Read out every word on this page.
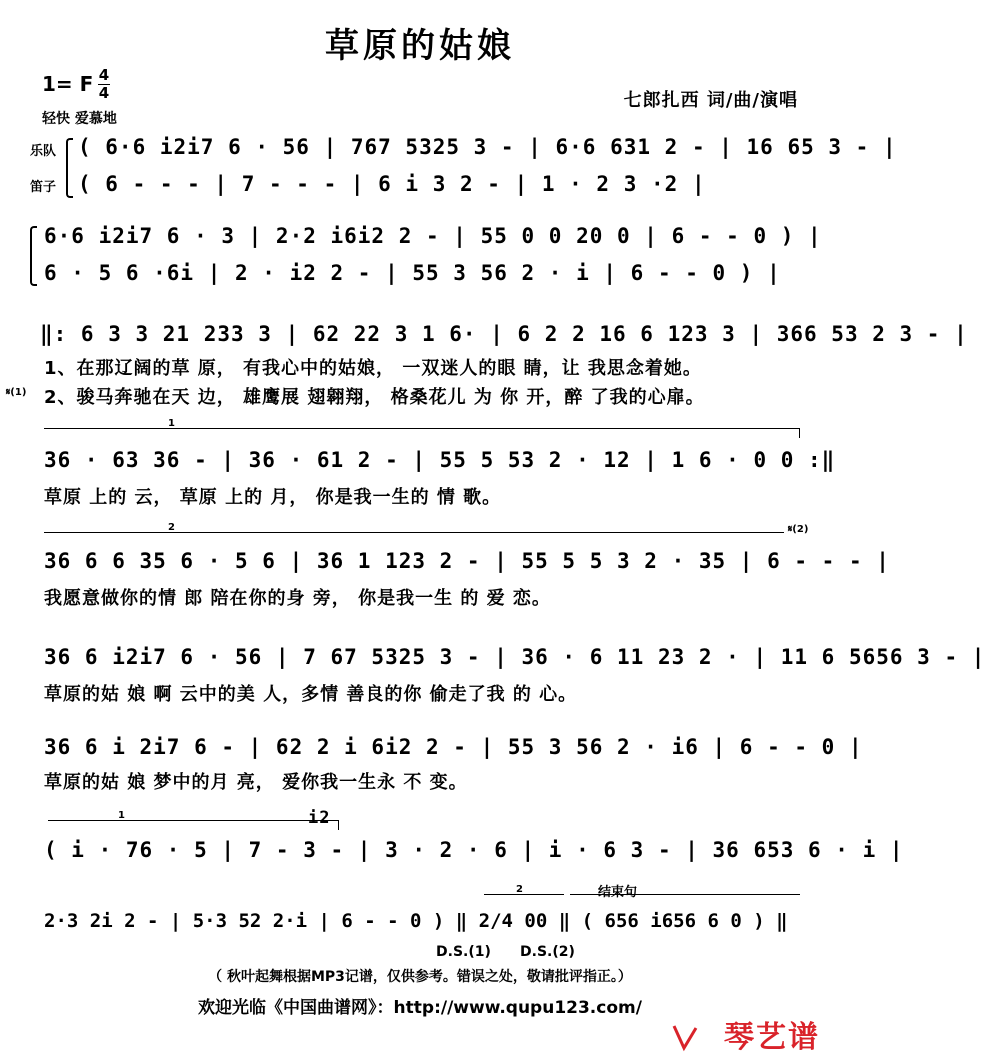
草原的姑娘
1= F 4
4
轻快 爱慕地
七郎扎西 词/曲/演唱
乐队
笛子
( 6·6 i2i7 6 · 56 | 767 5325 3 - | 6·6 631 2 - | 16 65 3 - |
( 6 - - - | 7 - - - | 6 i 3 2 - | 1 · 2 3 ·2 |
6·6 i2i7 6 · 3 | 2·2 i6i2 2 - | 55 0 0 20 0 | 6 - - 0 ) |
6 · 5 6 ·6i | 2 · i2 2 - | 55 3 56 2 · i | 6 - - 0 ) |
‖: 6 3 3 21 233 3 | 62 22 3 1 6· | 6 2 2 16 6 123 3 | 366 53 2 3 - |
1、在那辽阔的草 原， 有我心中的姑娘， 一双迷人的眼 睛，让 我思念着她。
𝄋(1) 2、骏马奔驰在天 边， 雄鹰展 翅翱翔， 格桑花儿 为 你 开，醉 了我的心扉。
1
36 · 63 36 - | 36 · 61 2 - | 55 5 53 2 · 12 | 1 6 · 0 0 :‖
草原 上的 云， 草原 上的 月， 你是我一生的 情 歌。
2	𝄋(2)
36 6 6 35 6 · 5 6 | 36 1 123 2 - | 55 5 5 3 2 · 35 | 6 - - - |
我愿意做你的情 郎 陪在你的身 旁， 你是我一生 的 爱 恋。
36 6 i2i7 6 · 56 | 7 67 5325 3 - | 36 · 6 11 23 2 · | 11 6 5656 3 - |
草原的姑 娘 啊 云中的美 人，多情 善良的你 偷走了我 的 心。
36 6 i 2i7 6 - | 62 2 i 6i2 2 - | 55 3 56 2 · i6 | 6 - - 0 |
草原的姑 娘 梦中的月 亮， 爱你我一生永 不 变。
1	i2
( i · 76 · 5 | 7 - 3 - | 3 · 2 · 6 | i · 6 3 - | 36 653 6 · i |
2	结束句
2·3 2i 2 - | 5·3 52 2·i | 6 - - 0 ) ‖ 2/4 00 ‖ ( 656 i656 6 0 ) ‖
D.S.(1) D.S.(2)
（ 秋叶起舞根据MP3记谱，仅供参考。错误之处，敬请批评指正。）
欢迎光临《中国曲谱网》：http://www.qupu123.com/
琴艺谱
